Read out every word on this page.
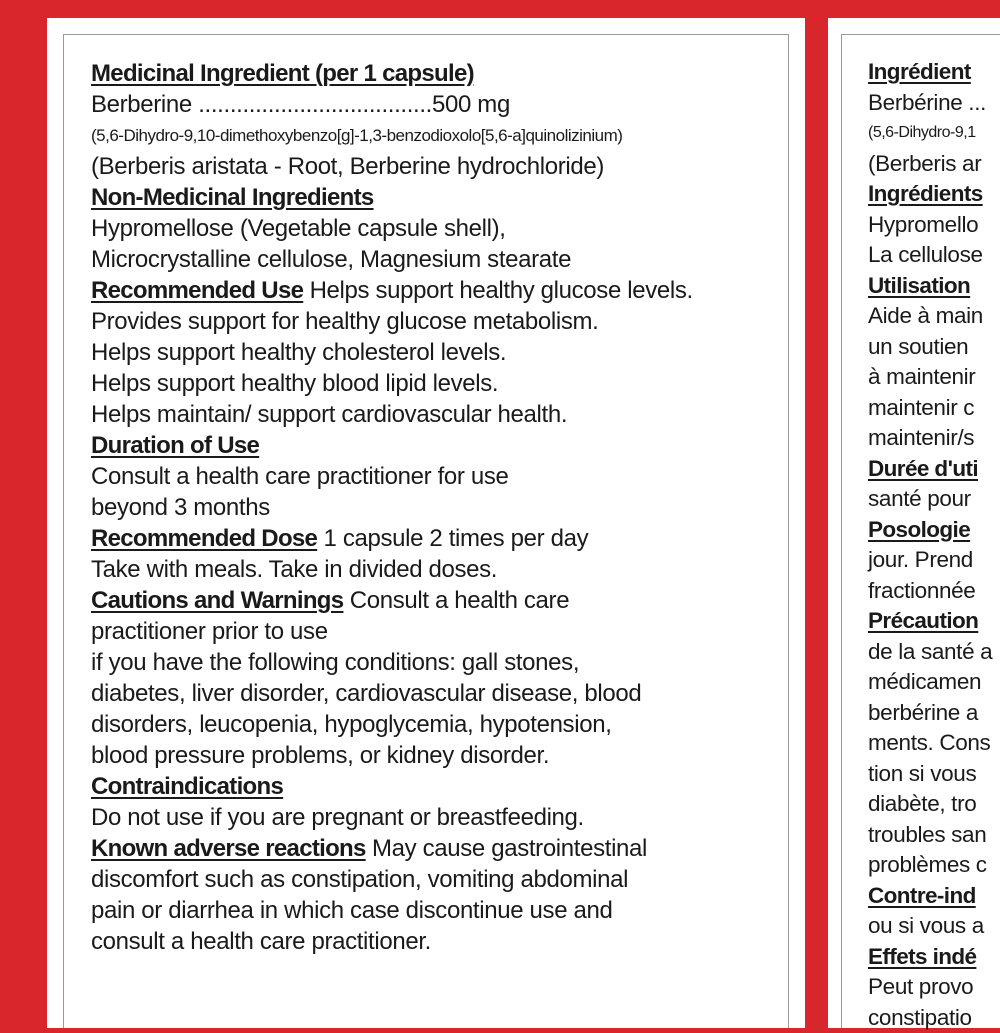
Medicinal Ingredient (per 1 capsule)

Berberine .....................................500 mg

(5,6-Dihydro-9,10-dimethoxybenzo[g]-1,3-benzodioxolo[5,6-a]quinolizinium)

(Berberis aristata - Root, Berberine hydrochloride)

Non-Medicinal Ingredients

Hypromellose (Vegetable capsule shell),

Microcrystalline cellulose, Magnesium stearate

Recommended Use Helps support healthy glucose levels.

Provides support for healthy glucose metabolism.

Helps support healthy cholesterol levels.

Helps support healthy blood lipid levels.

Helps maintain/ support cardiovascular health.

Duration of Use

Consult a health care practitioner for use

beyond 3 months

Recommended Dose 1 capsule 2 times per day

Take with meals. Take in divided doses.

Cautions and Warnings Consult a health care

practitioner prior to use

if you have the following conditions: gall stones,

diabetes, liver disorder, cardiovascular disease, blood

disorders, leucopenia, hypoglycemia, hypotension,

blood pressure problems, or kidney disorder.

Contraindications

Do not use if you are pregnant or breastfeeding.

Known adverse reactions May cause gastrointestinal

discomfort such as constipation, vomiting abdominal

pain or diarrhea in which case discontinue use and

consult a health care practitioner.

Ingrédient

Berbérine ...

(5,6-Dihydro-9,1

(Berberis ar

Ingrédients

Hypromello

La cellulose

Utilisation

Aide à main

un soutien

à maintenir

maintenir c

maintenir/s

Durée d'uti

santé pour

Posologie

jour. Prend

fractionnée

Précaution

de la santé a

médicamen

berbérine a

ments. Cons

tion si vous

diabète, tro

troubles san

problèmes c

Contre-ind

ou si vous a

Effets indé

Peut provo

constipatio
